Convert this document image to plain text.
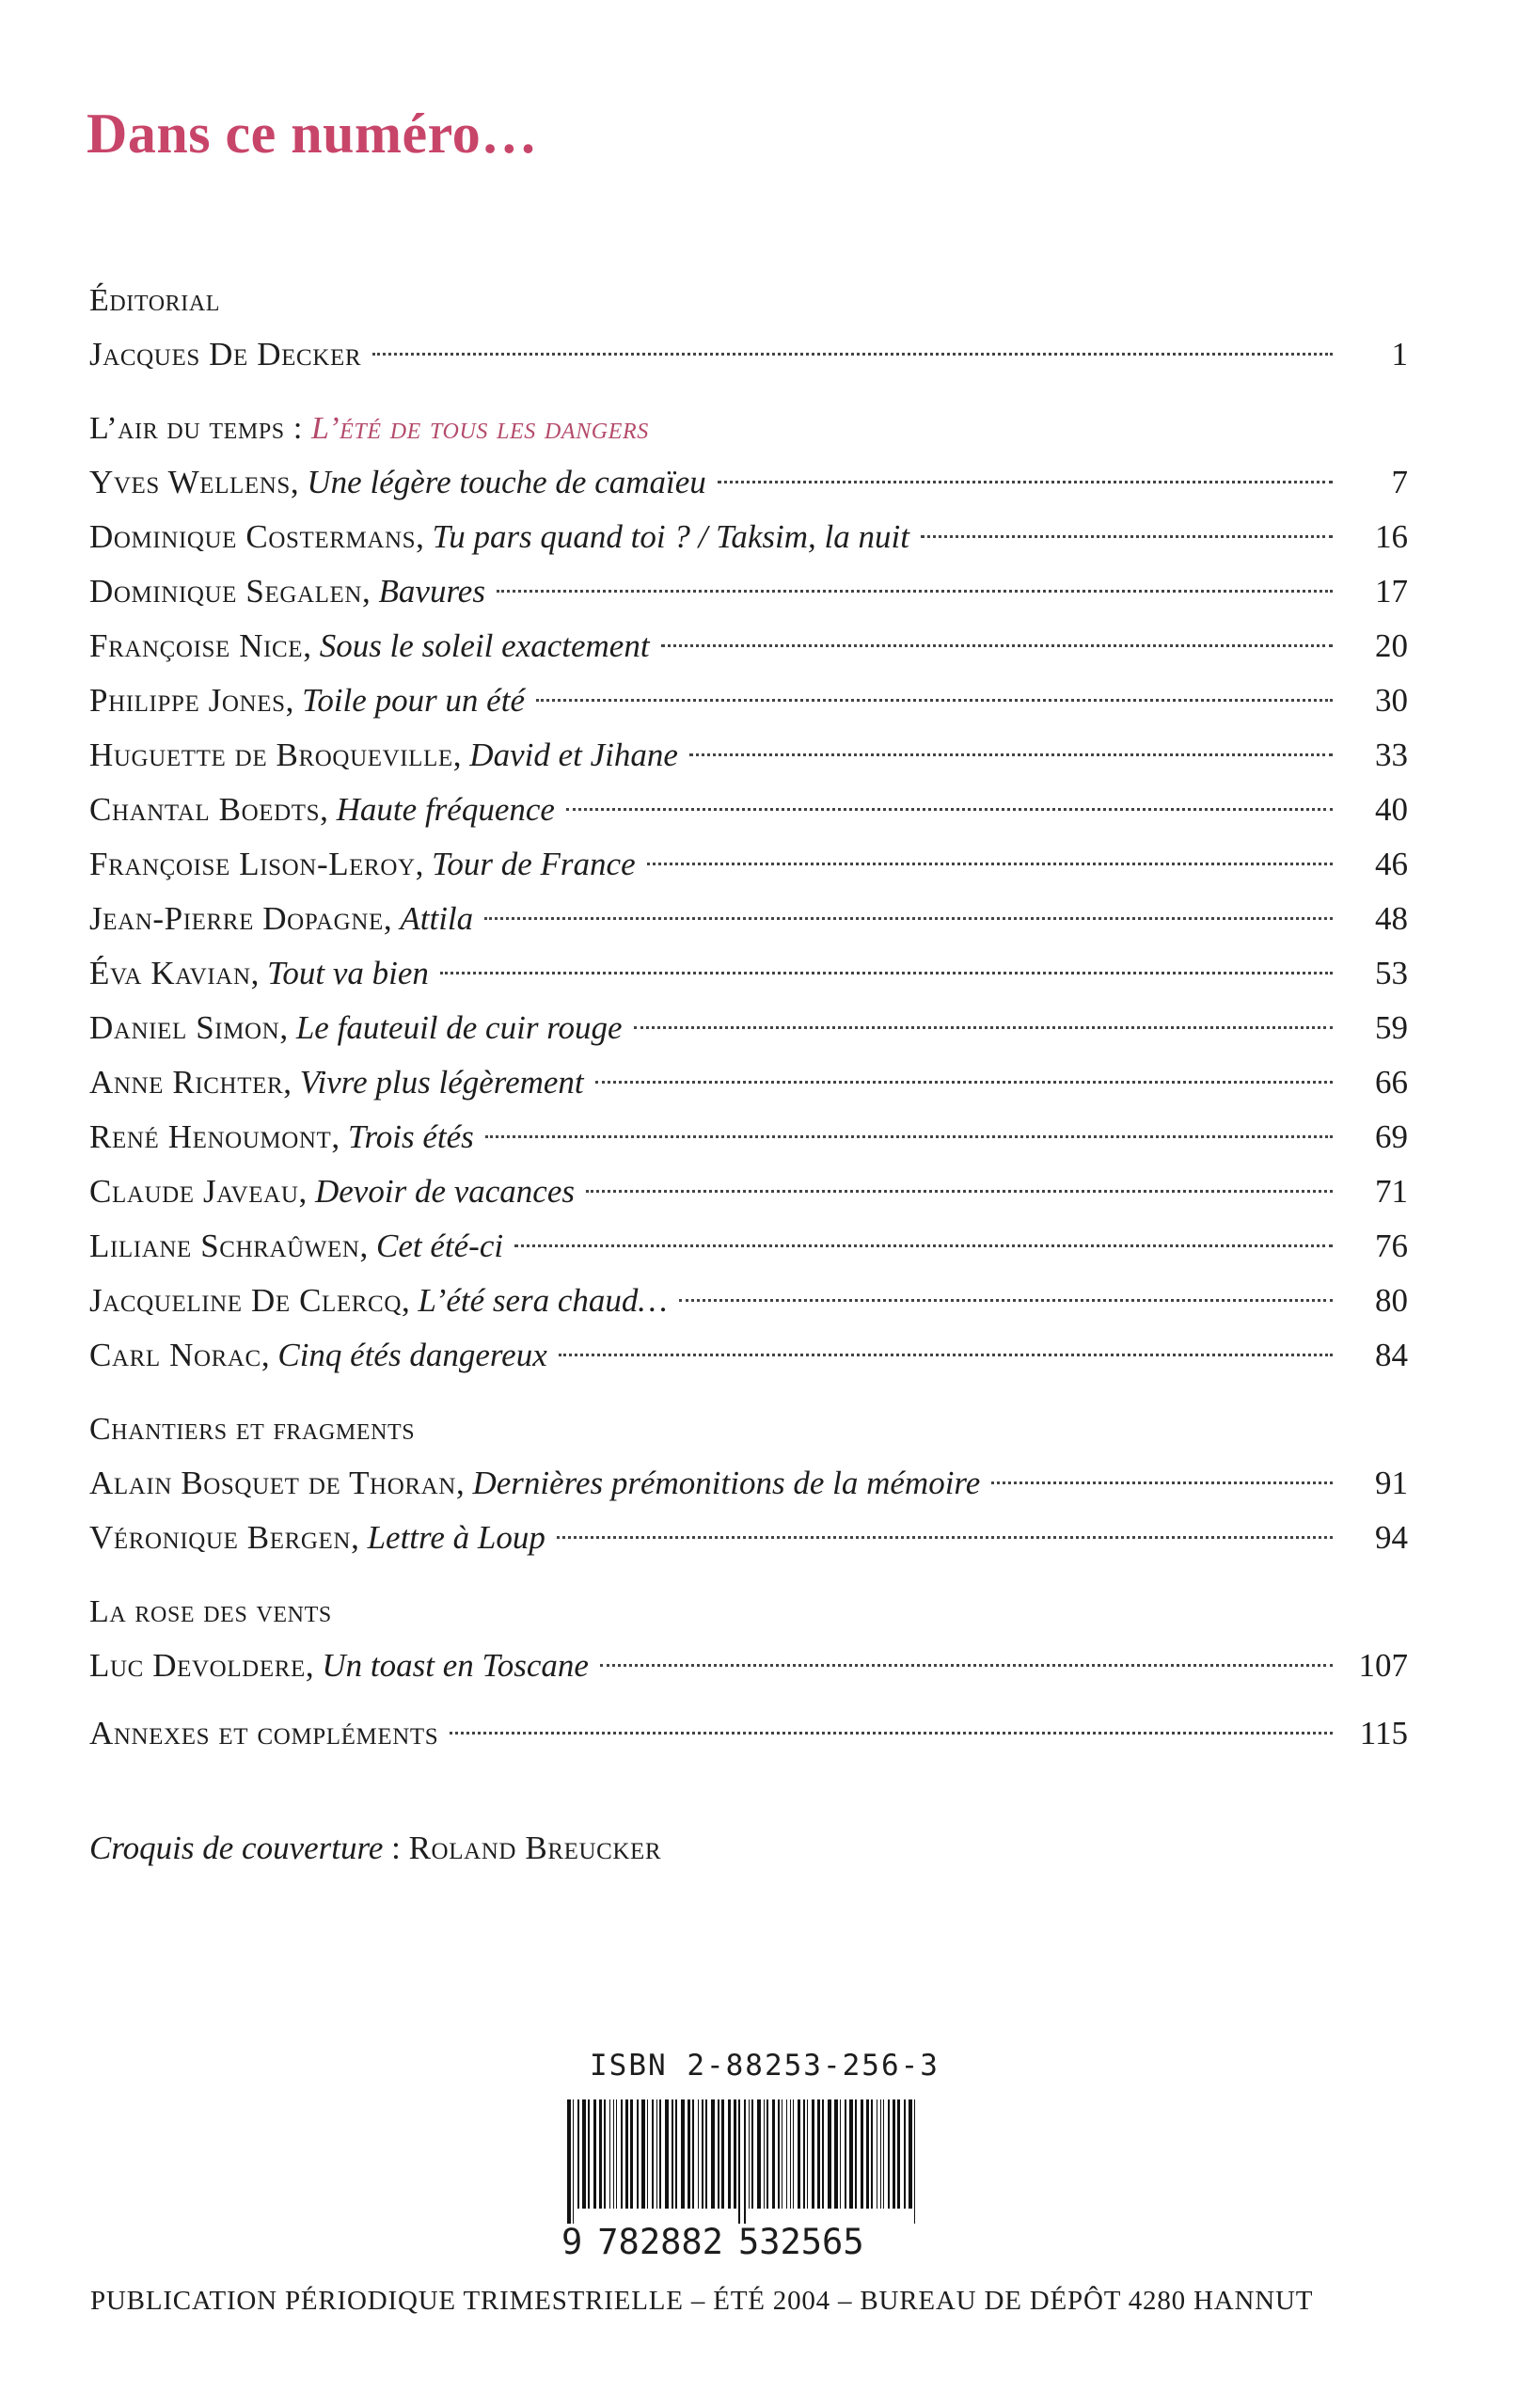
Dans ce numéro…
Éditorial
Jacques De Decker	1
L’air du temps : L’été de tous les dangers
Yves Wellens, Une légère touche de camaïeu	7
Dominique Costermans, Tu pars quand toi ? / Taksim, la nuit	16
Dominique Segalen, Bavures	17
Françoise Nice, Sous le soleil exactement	20
Philippe Jones, Toile pour un été	30
Huguette de Broqueville, David et Jihane	33
Chantal Boedts, Haute fréquence	40
Françoise Lison-Leroy, Tour de France	46
Jean-Pierre Dopagne, Attila	48
Éva Kavian, Tout va bien	53
Daniel Simon, Le fauteuil de cuir rouge	59
Anne Richter, Vivre plus légèrement	66
René Henoumont, Trois étés	69
Claude Javeau, Devoir de vacances	71
Liliane Schraûwen, Cet été-ci	76
Jacqueline De Clercq, L’été sera chaud…	80
Carl Norac, Cinq étés dangereux	84
Chantiers et fragments
Alain Bosquet de Thoran, Dernières prémonitions de la mémoire	91
Véronique Bergen, Lettre à Loup	94
La rose des vents
Luc Devoldere, Un toast en Toscane	107
Annexes et compléments	115
Croquis de couverture : Roland Breucker
ISBN 2-88253-256-3
9 782882 532565
PUBLICATION PÉRIODIQUE TRIMESTRIELLE – ÉTÉ 2004 – BUREAU DE DÉPÔT 4280 HANNUT
